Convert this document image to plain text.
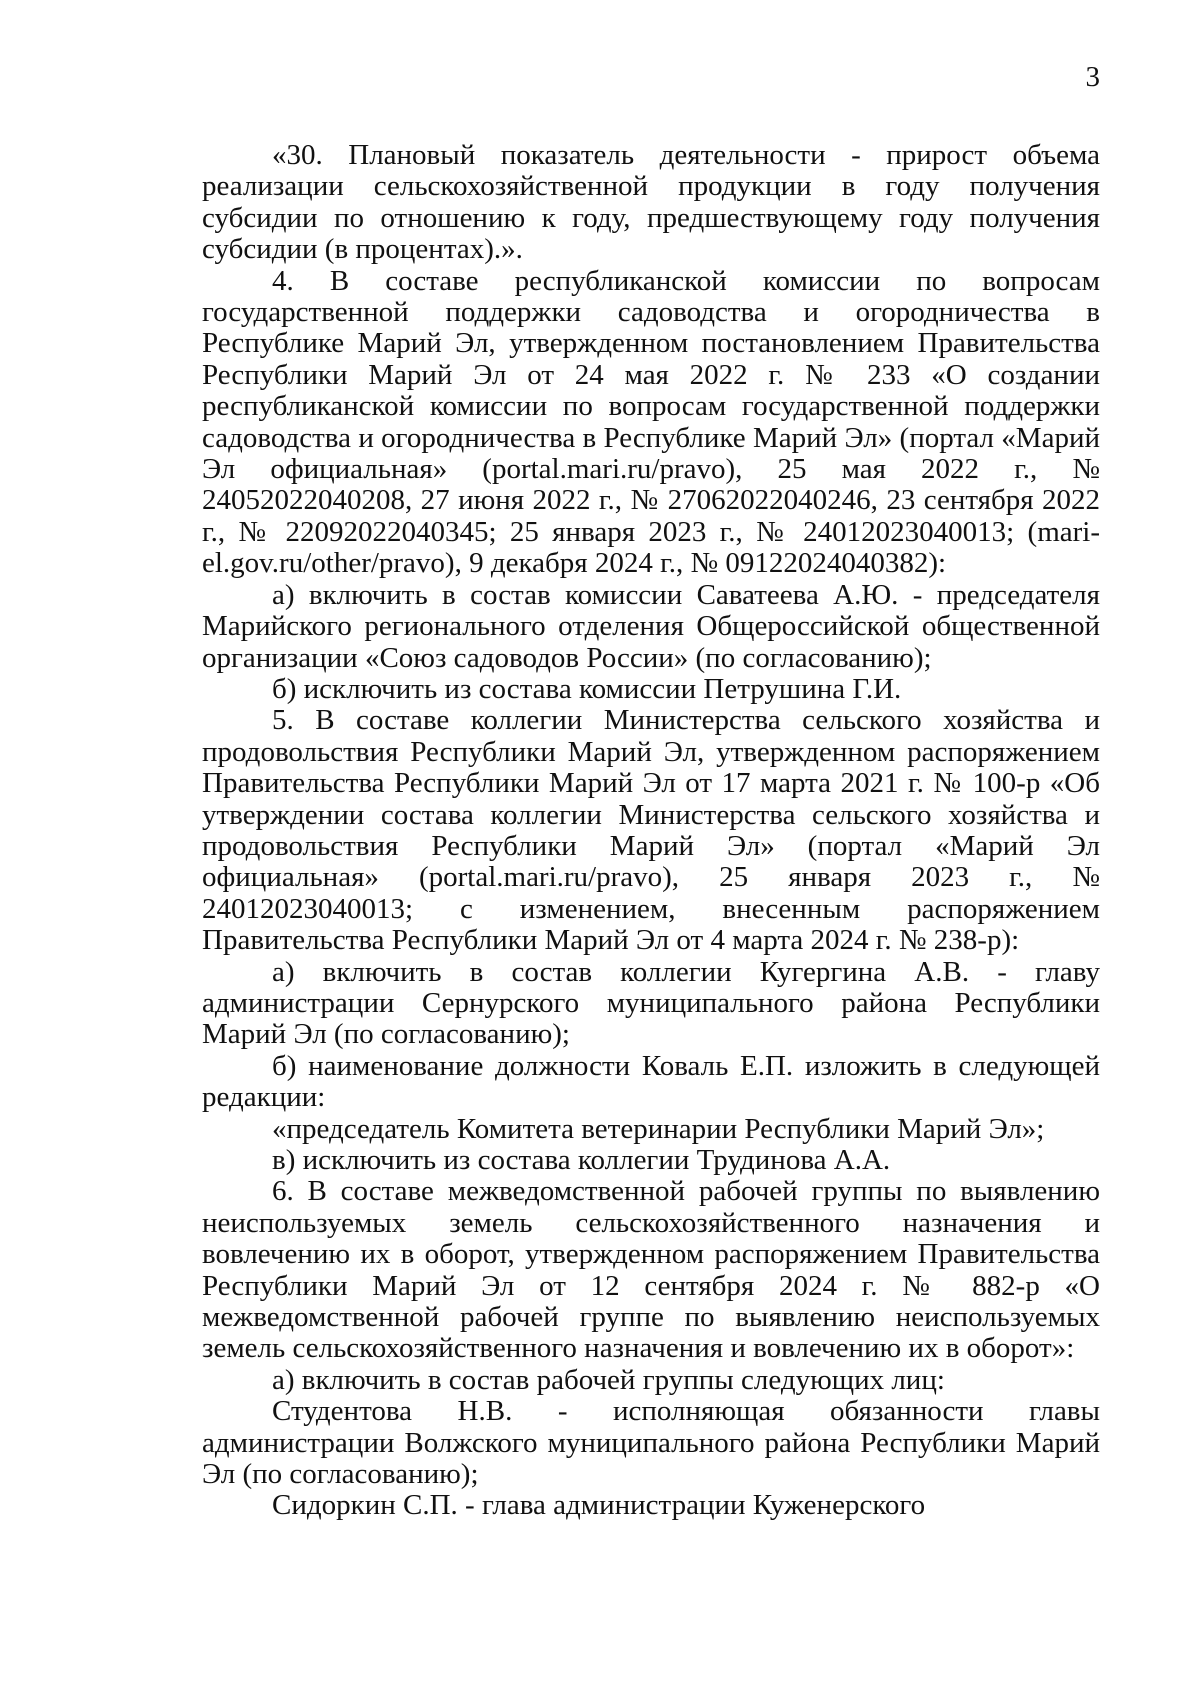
3

«30. Плановый показатель деятельности - прирост объема реализации сельскохозяйственной продукции в году получения субсидии по отношению к году, предшествующему году получения субсидии (в процентах).».

4. В составе республиканской комиссии по вопросам государственной поддержки садоводства и огородничества в Республике Марий Эл, утвержденном постановлением Правительства Республики Марий Эл от 24 мая 2022 г. № 233 «О создании республиканской комиссии по вопросам государственной поддержки садоводства и огородничества в Республике Марий Эл» (портал «Марий Эл официальная» (portal.mari.ru/pravo), 25 мая 2022 г., № 24052022040208, 27 июня 2022 г., № 27062022040246, 23 сентября 2022 г., № 22092022040345; 25 января 2023 г., № 24012023040013; (mari-el.gov.ru/other/pravo), 9 декабря 2024 г., № 09122024040382):

а) включить в состав комиссии Саватеева А.Ю. - председателя Марийского регионального отделения Общероссийской общественной организации «Союз садоводов России» (по согласованию);

б) исключить из состава комиссии Петрушина Г.И.

5. В составе коллегии Министерства сельского хозяйства и продовольствия Республики Марий Эл, утвержденном распоряжением Правительства Республики Марий Эл от 17 марта 2021 г. № 100-р «Об утверждении состава коллегии Министерства сельского хозяйства и продовольствия Республики Марий Эл» (портал «Марий Эл официальная» (portal.mari.ru/pravo), 25 января 2023 г., № 24012023040013; с изменением, внесенным распоряжением Правительства Республики Марий Эл от 4 марта 2024 г. № 238-р):

а) включить в состав коллегии Кугергина А.В. - главу администрации Сернурского муниципального района Республики Марий Эл (по согласованию);

б) наименование должности Коваль Е.П. изложить в следующей редакции:

«председатель Комитета ветеринарии Республики Марий Эл»;

в) исключить из состава коллегии Трудинова А.А.

6. В составе межведомственной рабочей группы по выявлению неиспользуемых земель сельскохозяйственного назначения и вовлечению их в оборот, утвержденном распоряжением Правительства Республики Марий Эл от 12 сентября 2024 г. № 882-р «О межведомственной рабочей группе по выявлению неиспользуемых земель сельскохозяйственного назначения и вовлечению их в оборот»:

а) включить в состав рабочей группы следующих лиц:

Студентова Н.В. - исполняющая обязанности главы администрации Волжского муниципального района Республики Марий Эл (по согласованию);

Сидоркин С.П. - глава администрации Куженерского
